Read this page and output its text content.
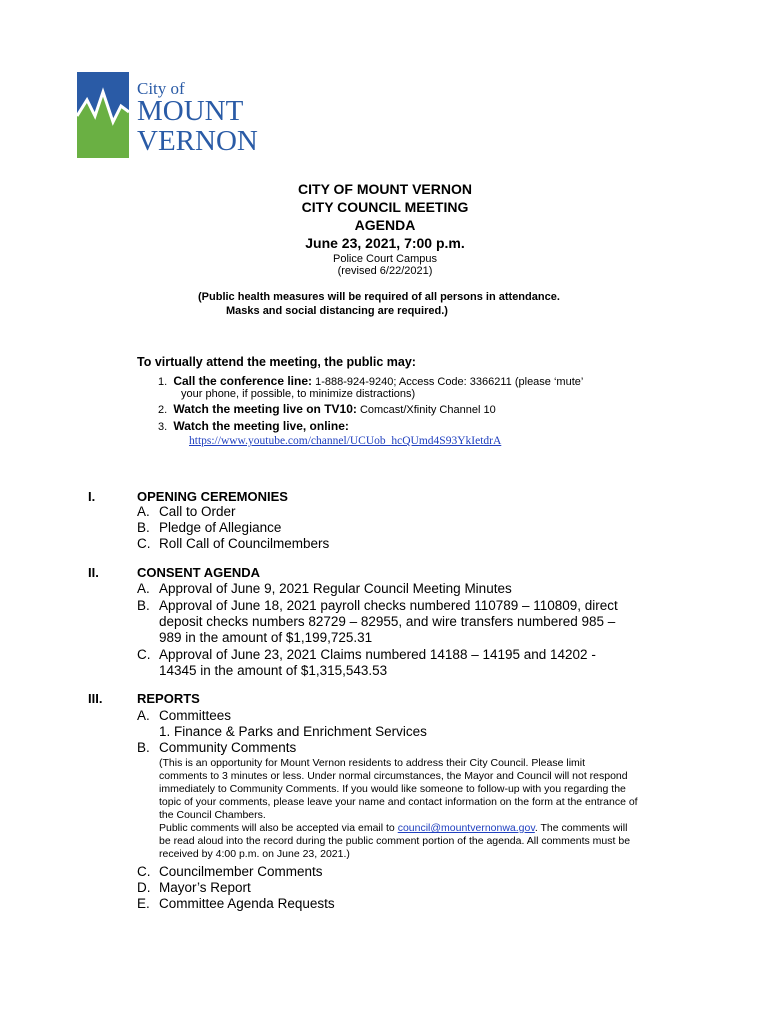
City of
MOUNT
VERNON
CITY OF MOUNT VERNON
CITY COUNCIL MEETING
AGENDA
June 23, 2021, 7:00 p.m.
Police Court Campus
(revised 6/22/2021)
(Public health measures will be required of all persons in attendance.
Masks and social distancing are required.)
To virtually attend the meeting, the public may:
1. Call the conference line: 1-888-924-9240; Access Code: 3366211 (please ‘mute’
your phone, if possible, to minimize distractions)
2. Watch the meeting live on TV10: Comcast/Xfinity Channel 10
3. Watch the meeting live, online:
https://www.youtube.com/channel/UCUob_hcQUmd4S93YkIetdrA
I.	OPENING CEREMONIES
A. Call to Order
B. Pledge of Allegiance
C. Roll Call of Councilmembers
II.	CONSENT AGENDA
A. Approval of June 9, 2021 Regular Council Meeting Minutes
B. Approval of June 18, 2021 payroll checks numbered 110789 – 110809, direct
deposit checks numbers 82729 – 82955, and wire transfers numbered 985 –
989 in the amount of $1,199,725.31
C. Approval of June 23, 2021 Claims numbered 14188 – 14195 and 14202 -
14345 in the amount of $1,315,543.53
III.	REPORTS
A. Committees
1. Finance & Parks and Enrichment Services
B. Community Comments
(This is an opportunity for Mount Vernon residents to address their City Council. Please limit
comments to 3 minutes or less. Under normal circumstances, the Mayor and Council will not respond
immediately to Community Comments. If you would like someone to follow-up with you regarding the
topic of your comments, please leave your name and contact information on the form at the entrance of
the Council Chambers.
Public comments will also be accepted via email to council@mountvernonwa.gov. The comments will
be read aloud into the record during the public comment portion of the agenda. All comments must be
received by 4:00 p.m. on June 23, 2021.)
C. Councilmember Comments
D. Mayor’s Report
E. Committee Agenda Requests
